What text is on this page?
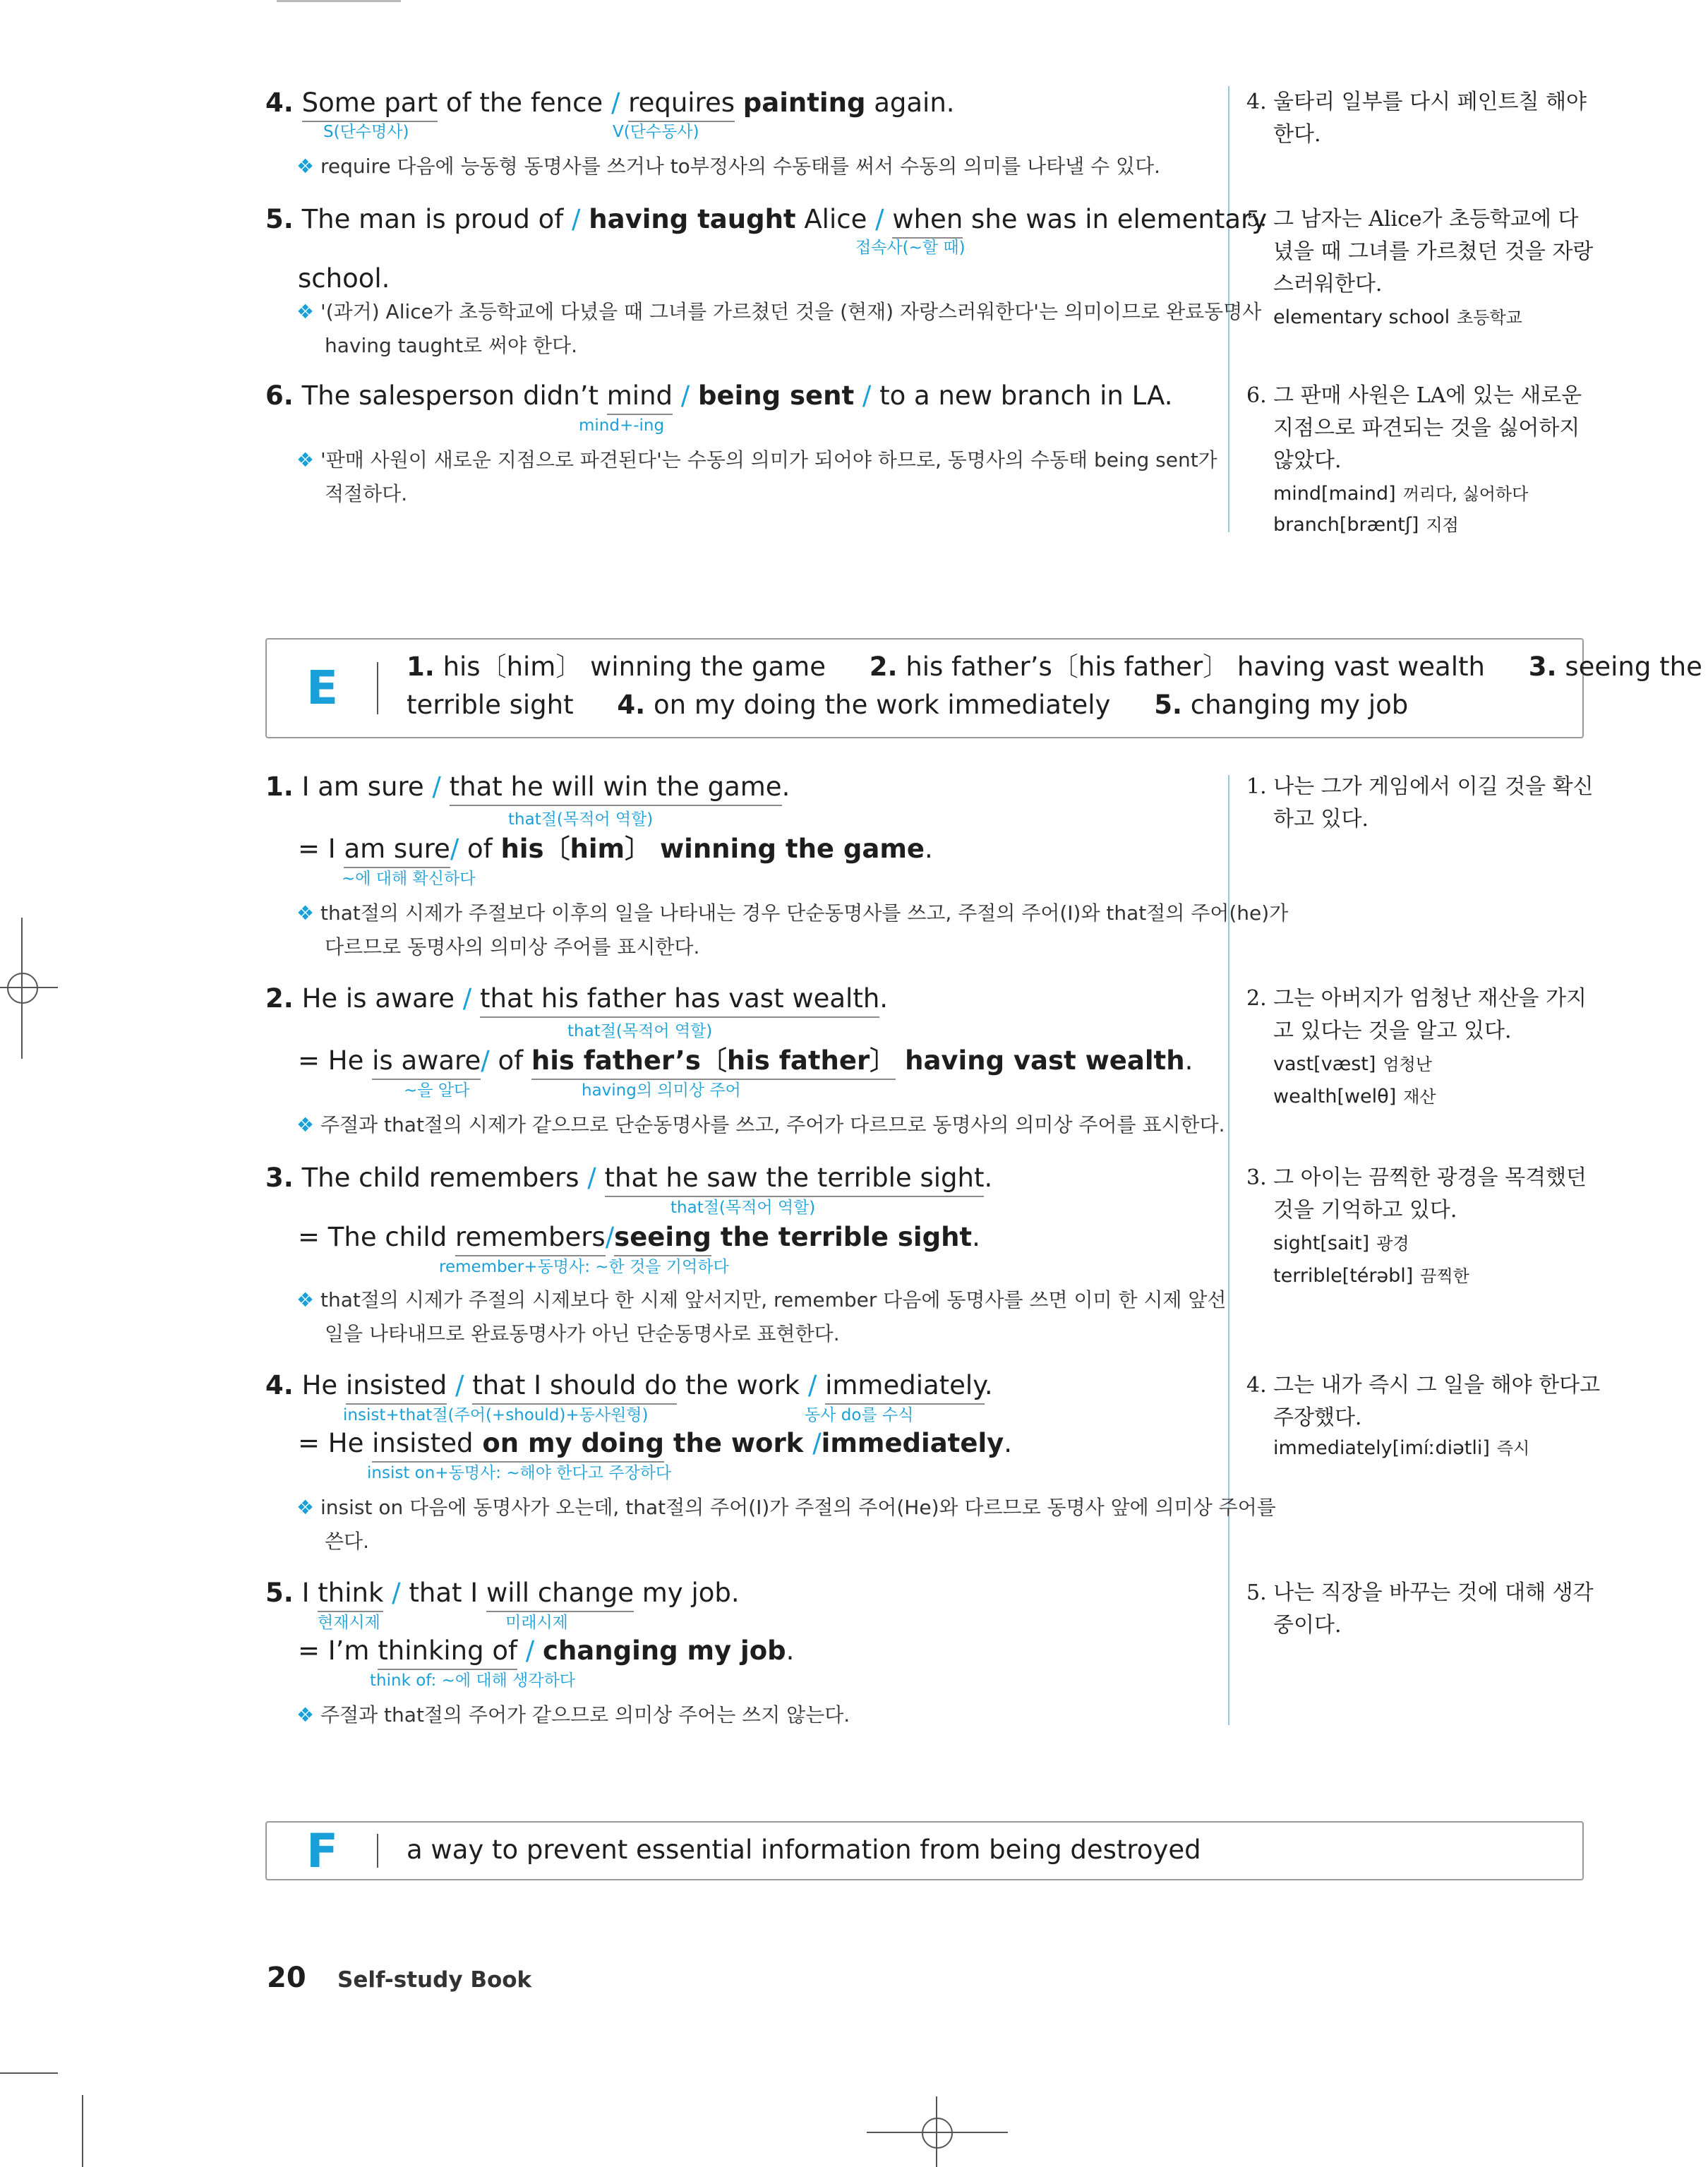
4. Some part of the fence / requires painting again.
S(단수명사)	V(단수동사)
❖ require 다음에 능동형 동명사를 쓰거나 to부정사의 수동태를 써서 수동의 의미를 나타낼 수 있다.
4. 울타리 일부를 다시 페인트칠 해야
한다.
5. The man is proud of / having taught Alice / when she was in elementary
접속사(~할 때)
school.
❖ '(과거) Alice가 초등학교에 다녔을 때 그녀를 가르쳤던 것을 (현재) 자랑스러워한다'는 의미이므로 완료동명사
having taught로 써야 한다.
5. 그 남자는 Alice가 초등학교에 다
녔을 때 그녀를 가르쳤던 것을 자랑
스러워한다.
elementary school 초등학교
6. The salesperson didn’t mind / being sent / to a new branch in LA.
mind+-ing
❖ '판매 사원이 새로운 지점으로 파견된다'는 수동의 의미가 되어야 하므로, 동명사의 수동태 being sent가
적절하다.
6. 그 판매 사원은 LA에 있는 새로운
지점으로 파견되는 것을 싫어하지
않았다.
mind[maind] 꺼리다, 싫어하다
branch[bræntʃ] 지점
E	1. his〔him〕 winning the game 2. his father’s〔his father〕 having vast wealth 3. seeing the
terrible sight 4. on my doing the work immediately 5. changing my job
1. I am sure / that he will win the game.
that절(목적어 역할)
= I am sure/ of his〔him〕 winning the game.
~에 대해 확신하다
❖ that절의 시제가 주절보다 이후의 일을 나타내는 경우 단순동명사를 쓰고, 주절의 주어(I)와 that절의 주어(he)가
다르므로 동명사의 의미상 주어를 표시한다.
1. 나는 그가 게임에서 이길 것을 확신
하고 있다.
2. He is aware / that his father has vast wealth.
that절(목적어 역할)
= He is aware/ of his father’s〔his father〕 having vast wealth.
~을 알다	having의 의미상 주어
❖ 주절과 that절의 시제가 같으므로 단순동명사를 쓰고, 주어가 다르므로 동명사의 의미상 주어를 표시한다.
2. 그는 아버지가 엄청난 재산을 가지
고 있다는 것을 알고 있다.
vast[væst] 엄청난
wealth[welθ] 재산
3. The child remembers / that he saw the terrible sight.
that절(목적어 역할)
= The child remembers/seeing the terrible sight.
remember+동명사: ~한 것을 기억하다
❖ that절의 시제가 주절의 시제보다 한 시제 앞서지만, remember 다음에 동명사를 쓰면 이미 한 시제 앞선
일을 나타내므로 완료동명사가 아닌 단순동명사로 표현한다.
3. 그 아이는 끔찍한 광경을 목격했던
것을 기억하고 있다.
sight[sait] 광경
terrible[térəbl] 끔찍한
4. He insisted / that I should do the work / immediately.
insist+that절(주어(+should)+동사원형)	동사 do를 수식
= He insisted on my doing the work /immediately.
insist on+동명사: ~해야 한다고 주장하다
❖ insist on 다음에 동명사가 오는데, that절의 주어(I)가 주절의 주어(He)와 다르므로 동명사 앞에 의미상 주어를
쓴다.
4. 그는 내가 즉시 그 일을 해야 한다고
주장했다.
immediately[imíːdiətli] 즉시
5. I think / that I will change my job.
현재시제	미래시제
= I’m thinking of / changing my job.
think of: ~에 대해 생각하다
❖ 주절과 that절의 주어가 같으므로 의미상 주어는 쓰지 않는다.
5. 나는 직장을 바꾸는 것에 대해 생각
중이다.
F	a way to prevent essential information from being destroyed
20 Self-study Book
